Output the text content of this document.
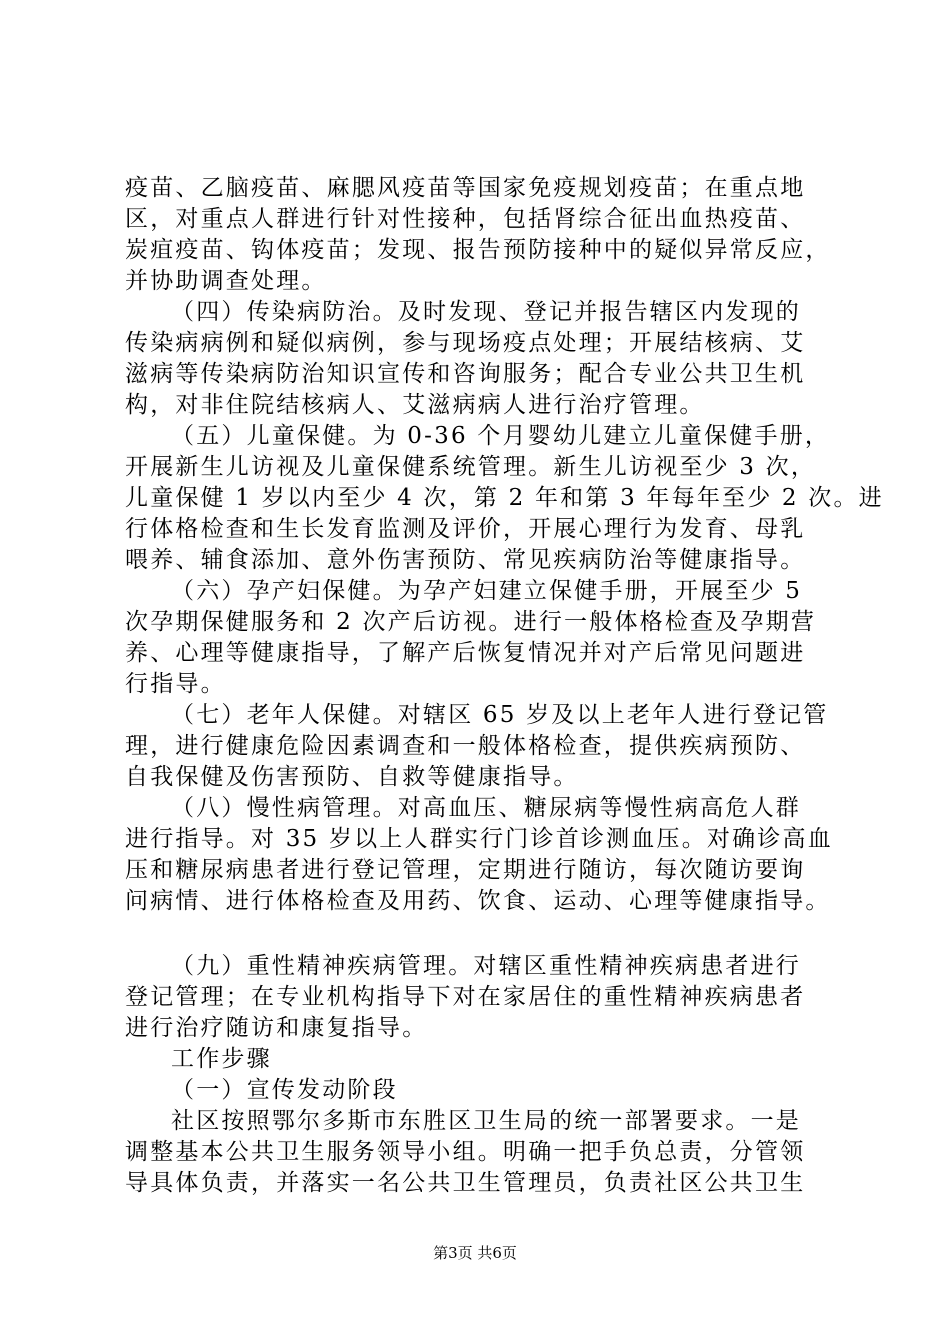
疫苗、乙脑疫苗、麻腮风疫苗等国家免疫规划疫苗；在重点地
区，对重点人群进行针对性接种，包括肾综合征出血热疫苗、
炭疽疫苗、钩体疫苗；发现、报告预防接种中的疑似异常反应，
并协助调查处理。
（四）传染病防治。及时发现、登记并报告辖区内发现的
传染病病例和疑似病例，参与现场疫点处理；开展结核病、艾
滋病等传染病防治知识宣传和咨询服务；配合专业公共卫生机
构，对非住院结核病人、艾滋病病人进行治疗管理。
（五）儿童保健。为 0-36 个月婴幼儿建立儿童保健手册，
开展新生儿访视及儿童保健系统管理。新生儿访视至少 3 次，
儿童保健 1 岁以内至少 4 次，第 2 年和第 3 年每年至少 2 次。进
行体格检查和生长发育监测及评价，开展心理行为发育、母乳
喂养、辅食添加、意外伤害预防、常见疾病防治等健康指导。
（六）孕产妇保健。为孕产妇建立保健手册，开展至少 5
次孕期保健服务和 2 次产后访视。进行一般体格检查及孕期营
养、心理等健康指导，了解产后恢复情况并对产后常见问题进
行指导。
（七）老年人保健。对辖区 65 岁及以上老年人进行登记管
理，进行健康危险因素调查和一般体格检查，提供疾病预防、
自我保健及伤害预防、自救等健康指导。
（八）慢性病管理。对高血压、糖尿病等慢性病高危人群
进行指导。对 35 岁以上人群实行门诊首诊测血压。对确诊高血
压和糖尿病患者进行登记管理，定期进行随访，每次随访要询
问病情、进行体格检查及用药、饮食、运动、心理等健康指导。
（九）重性精神疾病管理。对辖区重性精神疾病患者进行
登记管理；在专业机构指导下对在家居住的重性精神疾病患者
进行治疗随访和康复指导。
工作步骤
（一）宣传发动阶段
社区按照鄂尔多斯市东胜区卫生局的统一部署要求。一是
调整基本公共卫生服务领导小组。明确一把手负总责，分管领
导具体负责，并落实一名公共卫生管理员，负责社区公共卫生
第3页 共6页
